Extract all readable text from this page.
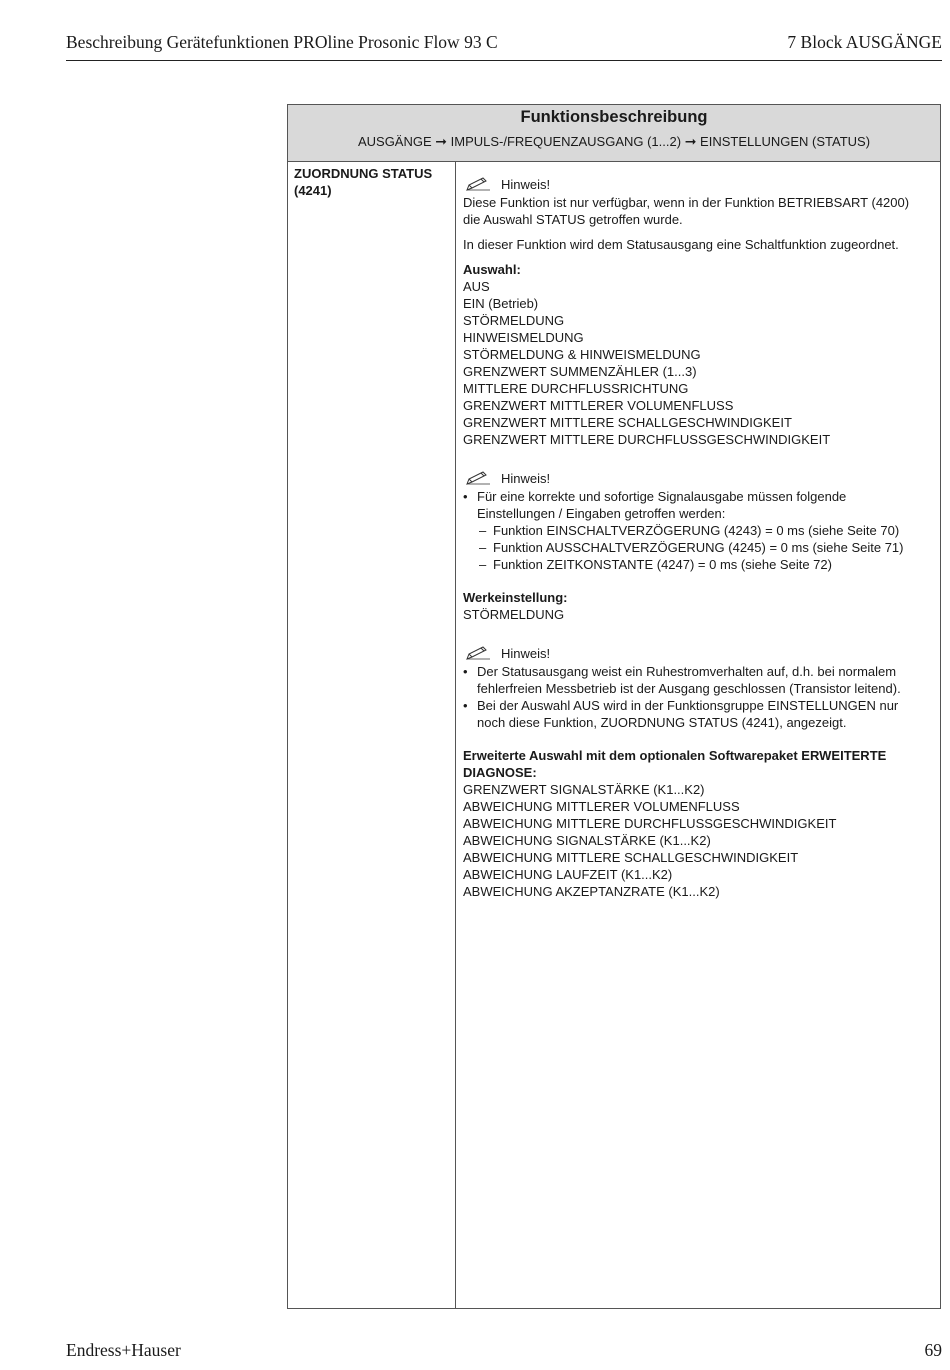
Beschreibung Gerätefunktionen PROline Prosonic Flow 93 C	7 Block AUSGÄNGE
Funktionsbeschreibung
AUSGÄNGE ➞ IMPULS-/FREQUENZAUSGANG (1...2) ➞ EINSTELLUNGEN (STATUS)
ZUORDNUNG STATUS
(4241)	Hinweis!
Diese Funktion ist nur verfügbar, wenn in der Funktion BETRIEBSART (4200) die Auswahl STATUS getroffen wurde.
In dieser Funktion wird dem Statusausgang eine Schaltfunktion zugeordnet.
Auswahl:
AUS
EIN (Betrieb)
STÖRMELDUNG
HINWEISMELDUNG
STÖRMELDUNG & HINWEISMELDUNG
GRENZWERT SUMMENZÄHLER (1...3)
MITTLERE DURCHFLUSSRICHTUNG
GRENZWERT MITTLERER VOLUMENFLUSS
GRENZWERT MITTLERE SCHALLGESCHWINDIGKEIT
GRENZWERT MITTLERE DURCHFLUSSGESCHWINDIGKEIT
Hinweis!
• Für eine korrekte und sofortige Signalausgabe müssen folgende Einstellungen / Eingaben getroffen werden:
– Funktion EINSCHALTVERZÖGERUNG (4243) = 0 ms (siehe Seite 70)
– Funktion AUSSCHALTVERZÖGERUNG (4245) = 0 ms (siehe Seite 71)
– Funktion ZEITKONSTANTE (4247) = 0 ms (siehe Seite 72)
Werkeinstellung:
STÖRMELDUNG
Hinweis!
• Der Statusausgang weist ein Ruhestromverhalten auf, d.h. bei normalem fehlerfreien Messbetrieb ist der Ausgang geschlossen (Transistor leitend).
• Bei der Auswahl AUS wird in der Funktionsgruppe EINSTELLUNGEN nur noch diese Funktion, ZUORDNUNG STATUS (4241), angezeigt.
Erweiterte Auswahl mit dem optionalen Softwarepaket ERWEITERTE DIAGNOSE:
GRENZWERT SIGNALSTÄRKE (K1...K2)
ABWEICHUNG MITTLERER VOLUMENFLUSS
ABWEICHUNG MITTLERE DURCHFLUSSGESCHWINDIGKEIT
ABWEICHUNG SIGNALSTÄRKE (K1...K2)
ABWEICHUNG MITTLERE SCHALLGESCHWINDIGKEIT
ABWEICHUNG LAUFZEIT (K1...K2)
ABWEICHUNG AKZEPTANZRATE (K1...K2)
Endress+Hauser	69
